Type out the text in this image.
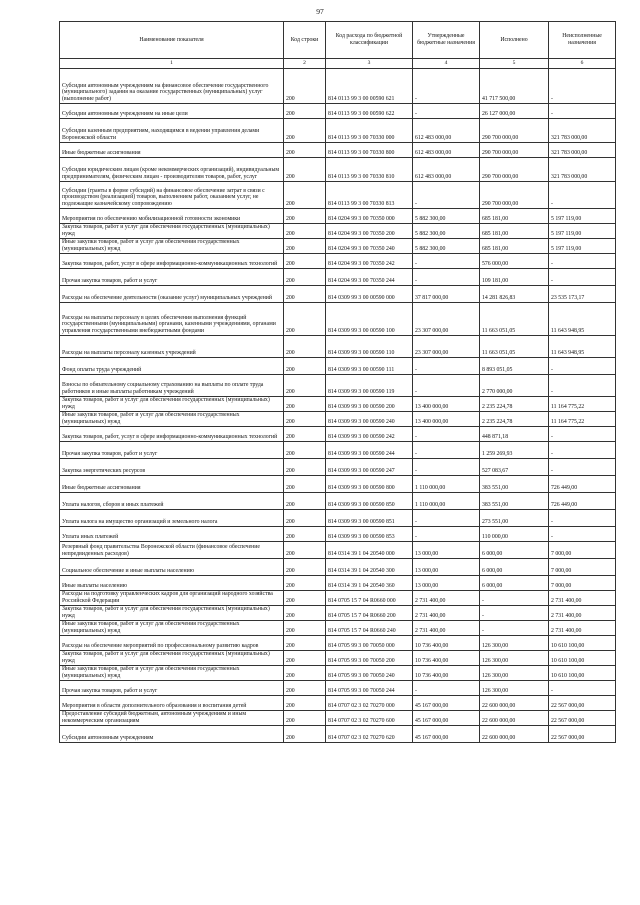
97
Наименование показателя	Код строки	Код расхода по бюджетной классификации	Утвержденные бюджетные назначения	Исполнено	Неисполненные назначения
1	2	3	4	5	6
Субсидии автономным учреждениям на финансовое обеспечение государственного (муниципального) задания на оказание государственных (муниципальных) услуг (выполнение работ)	200	814 0113 99 3 00 00590 621	-	41 717 500,00	-
Субсидии автономным учреждениям на иные цели	200	814 0113 99 3 00 00590 622	-	26 127 000,00	-
Субсидии казенным предприятиям, находящимся в ведении управления делами Воронежской области	200	814 0113 99 3 00 70330 000	612 483 000,00	290 700 000,00	321 783 000,00
Иные бюджетные ассигнования	200	814 0113 99 3 00 70330 800	612 483 000,00	290 700 000,00	321 783 000,00
Субсидии юридическим лицам (кроме некоммерческих организаций), индивидуальным предпринимателям, физическим лицам - производителям товаров, работ, услуг	200	814 0113 99 3 00 70330 810	612 483 000,00	290 700 000,00	321 783 000,00
Субсидии (гранты в форме субсидий) на финансовое обеспечение затрат в связи с производством (реализацией) товаров, выполнением работ, оказанием услуг, не подлежащие казначейскому сопровождению	200	814 0113 99 3 00 70330 813	-	290 700 000,00	-
Мероприятия по обеспечению мобилизационной готовности экономики	200	814 0204 99 3 00 70350 000	5 882 300,00	685 181,00	5 197 119,00
Закупка товаров, работ и услуг для обеспечения государственных (муниципальных) нужд	200	814 0204 99 3 00 70350 200	5 882 300,00	685 181,00	5 197 119,00
Иные закупки товаров, работ и услуг для обеспечения государственных (муниципальных) нужд	200	814 0204 99 3 00 70350 240	5 882 300,00	685 181,00	5 197 119,00
Закупка товаров, работ, услуг в сфере информационно-коммуникационных технологий	200	814 0204 99 3 00 70350 242	-	576 000,00	-
Прочая закупка товаров, работ и услуг	200	814 0204 99 3 00 70350 244	-	109 181,00	-
Расходы на обеспечение деятельности (оказание услуг) муниципальных учреждений	200	814 0309 99 3 00 00590 000	37 817 000,00	14 281 826,83	23 535 173,17
Расходы на выплаты персоналу в целях обеспечения выполнения функций государственными (муниципальными) органами, казенными учреждениями, органами управления государственными внебюджетными фондами	200	814 0309 99 3 00 00590 100	23 307 000,00	11 663 051,05	11 643 948,95
Расходы на выплаты персоналу казенных учреждений	200	814 0309 99 3 00 00590 110	23 307 000,00	11 663 051,05	11 643 948,95
Фонд оплаты труда учреждений	200	814 0309 99 3 00 00590 111	-	8 893 051,05	-
Взносы по обязательному социальному страхованию на выплаты по оплате труда работников и иные выплаты работникам учреждений	200	814 0309 99 3 00 00590 119	-	2 770 000,00	-
Закупка товаров, работ и услуг для обеспечения государственных (муниципальных) нужд	200	814 0309 99 3 00 00590 200	13 400 000,00	2 235 224,78	11 164 775,22
Иные закупки товаров, работ и услуг для обеспечения государственных (муниципальных) нужд	200	814 0309 99 3 00 00590 240	13 400 000,00	2 235 224,78	11 164 775,22
Закупка товаров, работ, услуг в сфере информационно-коммуникационных технологий	200	814 0309 99 3 00 00590 242	-	448 871,18	-
Прочая закупка товаров, работ и услуг	200	814 0309 99 3 00 00590 244	-	1 259 269,93	-
Закупка энергетических ресурсов	200	814 0309 99 3 00 00590 247	-	527 083,67	-
Иные бюджетные ассигнования	200	814 0309 99 3 00 00590 800	1 110 000,00	383 551,00	726 449,00
Уплата налогов, сборов и иных платежей	200	814 0309 99 3 00 00590 850	1 110 000,00	383 551,00	726 449,00
Уплата налога на имущество организаций и земельного налога	200	814 0309 99 3 00 00590 851	-	273 551,00	-
Уплата иных платежей	200	814 0309 99 3 00 00590 853	-	110 000,00	-
Резервный фонд правительства Воронежской области (финансовое обеспечение непредвиденных расходов)	200	814 0314 39 1 04 20540 000	13 000,00	6 000,00	7 000,00
Социальное обеспечение и иные выплаты населению	200	814 0314 39 1 04 20540 300	13 000,00	6 000,00	7 000,00
Иные выплаты населению	200	814 0314 39 1 04 20540 360	13 000,00	6 000,00	7 000,00
Расходы на подготовку управленческих кадров для организаций народного хозяйства Российской Федерации	200	814 0705 15 7 04 R0660 000	2 731 400,00	-	2 731 400,00
Закупка товаров, работ и услуг для обеспечения государственных (муниципальных) нужд	200	814 0705 15 7 04 R0660 200	2 731 400,00	-	2 731 400,00
Иные закупки товаров, работ и услуг для обеспечения государственных (муниципальных) нужд	200	814 0705 15 7 04 R0660 240	2 731 400,00	-	2 731 400,00
Расходы на обеспечение мероприятий по профессиональному развитию кадров	200	814 0705 99 3 00 70050 000	10 736 400,00	126 300,00	10 610 100,00
Закупка товаров, работ и услуг для обеспечения государственных (муниципальных) нужд	200	814 0705 99 3 00 70050 200	10 736 400,00	126 300,00	10 610 100,00
Иные закупки товаров, работ и услуг для обеспечения государственных (муниципальных) нужд	200	814 0705 99 3 00 70050 240	10 736 400,00	126 300,00	10 610 100,00
Прочая закупка товаров, работ и услуг	200	814 0705 99 3 00 70050 244	-	126 300,00	-
Мероприятия в области дополнительного образования и воспитания детей	200	814 0707 02 3 02 70270 000	45 167 000,00	22 600 000,00	22 567 000,00
Предоставление субсидий бюджетным, автономным учреждениям и иным некоммерческим организациям	200	814 0707 02 3 02 70270 600	45 167 000,00	22 600 000,00	22 567 000,00
Субсидии автономным учреждениям	200	814 0707 02 3 02 70270 620	45 167 000,00	22 600 000,00	22 567 000,00
